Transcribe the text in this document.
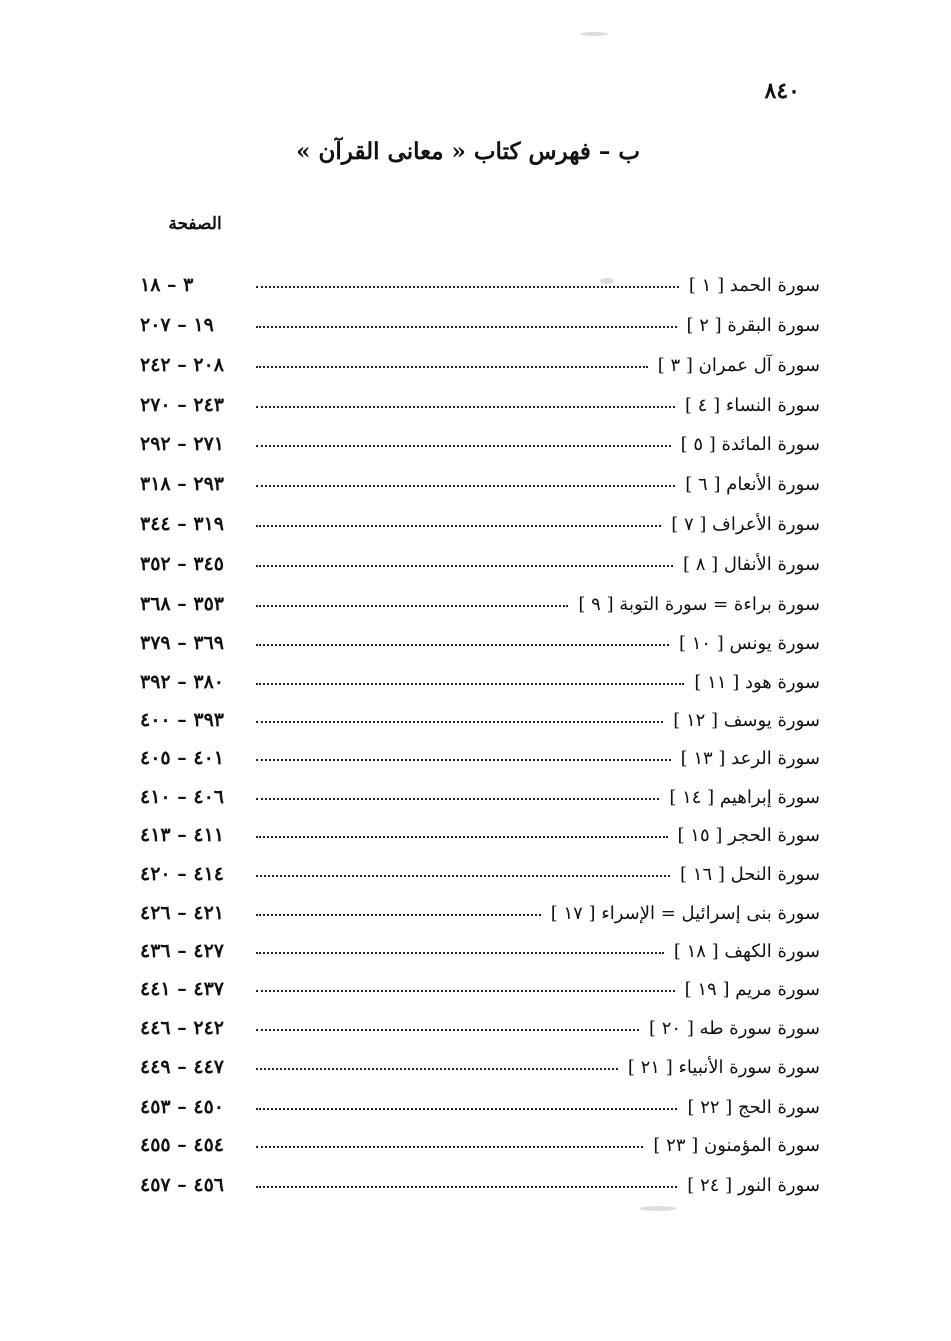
٨٤٠
ب – فهرس كتاب « معانى القرآن »
الصفحة
سورة الحمد [ ١ ]
٣ – ١٨
سورة البقرة [ ٢ ]
١٩ – ٢٠٧
سورة آل عمران [ ٣ ]
٢٠٨ – ٢٤٢
سورة النساء [ ٤ ]
٢٤٣ – ٢٧٠
سورة المائدة [ ٥ ]
٢٧١ – ٢٩٢
سورة الأنعام [ ٦ ]
٢٩٣ – ٣١٨
سورة الأعراف [ ٧ ]
٣١٩ – ٣٤٤
سورة الأنفال [ ٨ ]
٣٤٥ – ٣٥٢
سورة براءة = سورة التوبة [ ٩ ]
٣٥٣ – ٣٦٨
سورة يونس [ ١٠ ]
٣٦٩ – ٣٧٩
سورة هود [ ١١ ]
٣٨٠ – ٣٩٢
سورة يوسف [ ١٢ ]
٣٩٣ – ٤٠٠
سورة الرعد [ ١٣ ]
٤٠١ – ٤٠٥
سورة إبراهيم [ ١٤ ]
٤٠٦ – ٤١٠
سورة الحجر [ ١٥ ]
٤١١ – ٤١٣
سورة النحل [ ١٦ ]
٤١٤ – ٤٢٠
سورة بنى إسرائيل = الإسراء [ ١٧ ]
٤٢١ – ٤٢٦
سورة الكهف [ ١٨ ]
٤٢٧ – ٤٣٦
سورة مريم [ ١٩ ]
٤٣٧ – ٤٤١
سورة سورة طه [ ٢٠ ]
٢٤٢ – ٤٤٦
سورة سورة الأنبياء [ ٢١ ]
٤٤٧ – ٤٤٩
سورة الحج [ ٢٢ ]
٤٥٠ – ٤٥٣
سورة المؤمنون [ ٢٣ ]
٤٥٤ – ٤٥٥
سورة النور [ ٢٤ ]
٤٥٦ – ٤٥٧
